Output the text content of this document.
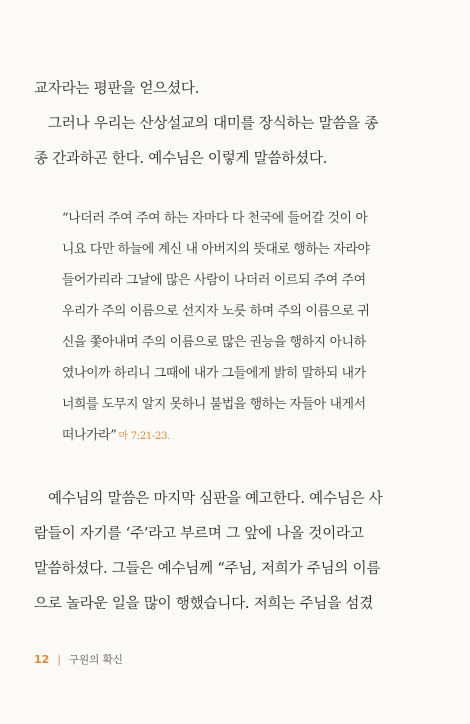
교자라는 평판을 얻으셨다.
그러나 우리는 산상설교의 대미를 장식하는 말씀을 종
종 간과하곤 한다. 예수님은 이렇게 말씀하셨다.
“나더러 주여 주여 하는 자마다 다 천국에 들어갈 것이 아
니요 다만 하늘에 계신 내 아버지의 뜻대로 행하는 자라야
들어가리라 그날에 많은 사람이 나더러 이르되 주여 주여
우리가 주의 이름으로 선지자 노릇 하며 주의 이름으로 귀
신을 쫓아내며 주의 이름으로 많은 권능을 행하지 아니하
였나이까 하리니 그때에 내가 그들에게 밝히 말하되 내가
너희를 도무지 알지 못하니 불법을 행하는 자들아 내게서
떠나가라” 마 7:21-23.
예수님의 말씀은 마지막 심판을 예고한다. 예수님은 사
람들이 자기를 ‘주’라고 부르며 그 앞에 나올 것이라고
말씀하셨다. 그들은 예수님께 “주님, 저희가 주님의 이름
으로 놀라운 일을 많이 행했습니다. 저희는 주님을 섬겼
12 | 구원의 확신
